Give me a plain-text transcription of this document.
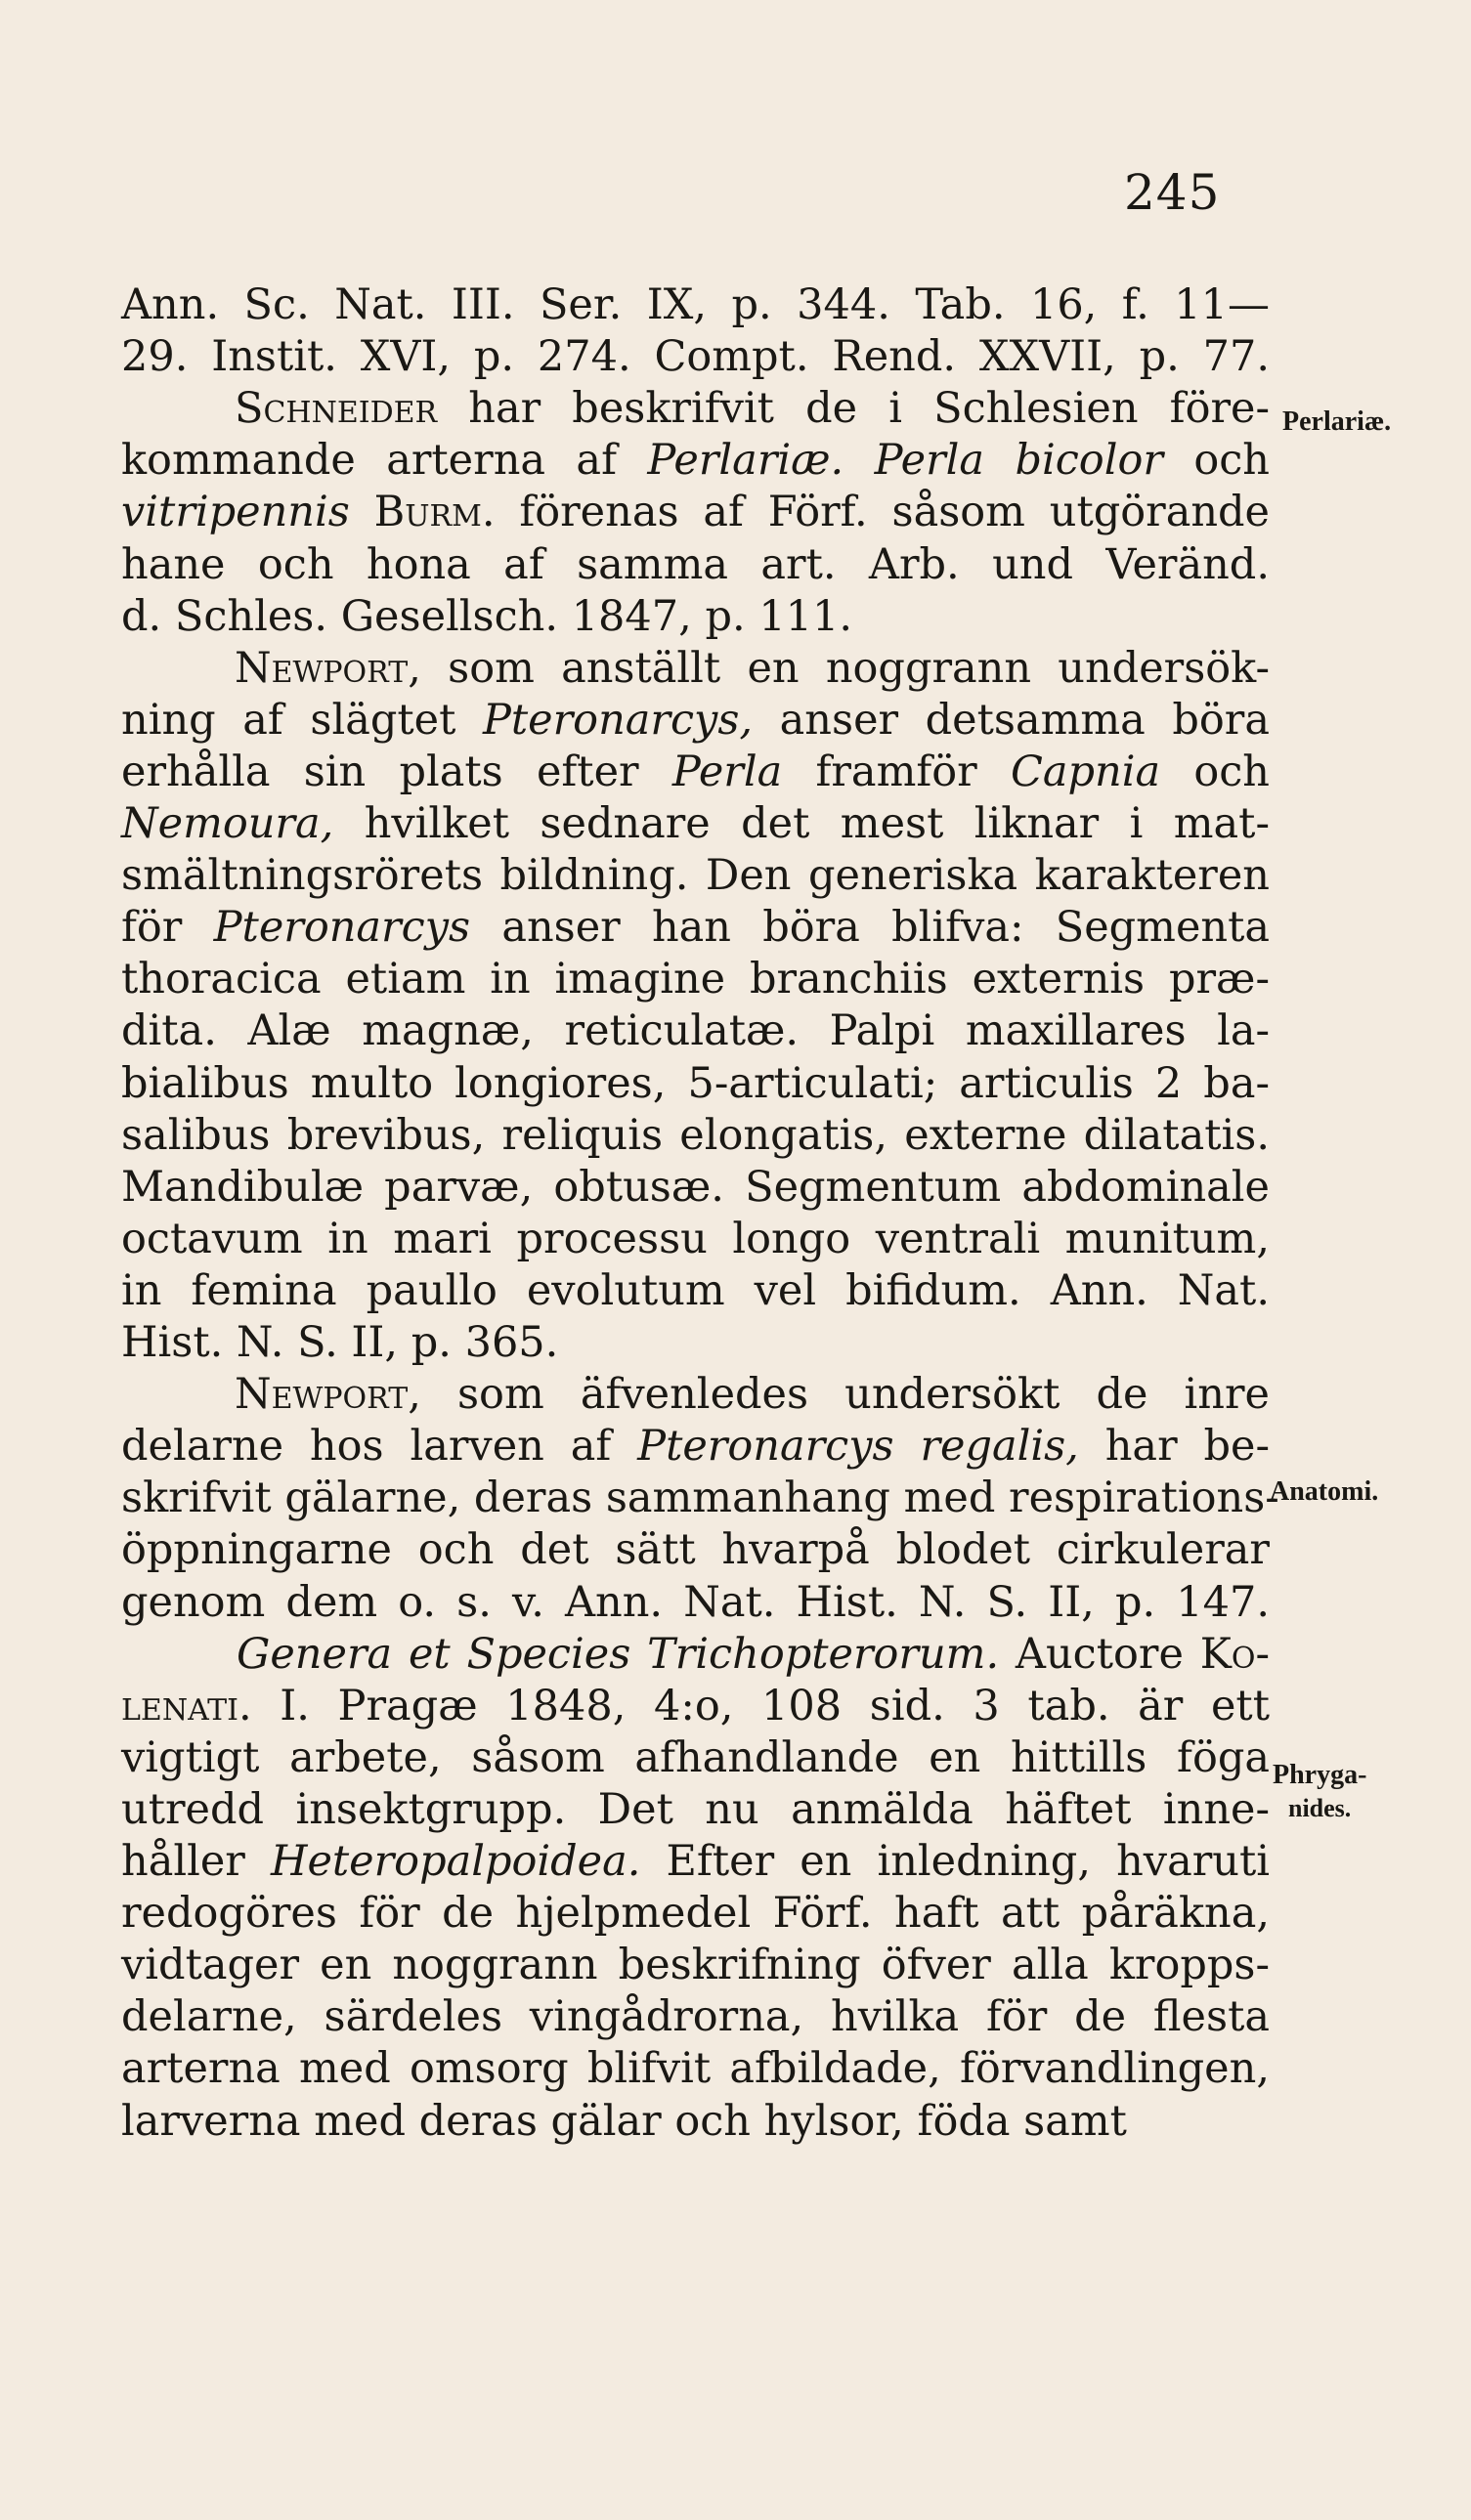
245
Ann. Sc. Nat. III. Ser. IX, p. 344. Tab. 16, f. 11—
29. Instit. XVI, p. 274. Compt. Rend. XXVII, p. 77.
Schneider har beskrifvit de i Schlesien före-
kommande arterna af Perlariæ. Perla bicolor och
vitripennis Burm. förenas af Förf. såsom utgörande
hane och hona af samma art. Arb. und Veränd.
d. Schles. Gesellsch. 1847, p. 111.
Newport, som anställt en noggrann undersök-
ning af slägtet Pteronarcys, anser detsamma böra
erhålla sin plats efter Perla framför Capnia och
Nemoura, hvilket sednare det mest liknar i mat-
smältningsrörets bildning. Den generiska karakteren
för Pteronarcys anser han böra blifva: Segmenta
thoracica etiam in imagine branchiis externis præ-
dita. Alæ magnæ, reticulatæ. Palpi maxillares la-
bialibus multo longiores, 5-articulati; articulis 2 ba-
salibus brevibus, reliquis elongatis, externe dilatatis.
Mandibulæ parvæ, obtusæ. Segmentum abdominale
octavum in mari processu longo ventrali munitum,
in femina paullo evolutum vel bifidum. Ann. Nat.
Hist. N. S. II, p. 365.
Newport, som äfvenledes undersökt de inre
delarne hos larven af Pteronarcys regalis, har be-
skrifvit gälarne, deras sammanhang med respirations-
öppningarne och det sätt hvarpå blodet cirkulerar
genom dem o. s. v. Ann. Nat. Hist. N. S. II, p. 147.
Genera et Species Trichopterorum. Auctore Ko-
lenati. I. Pragæ 1848, 4:o, 108 sid. 3 tab. är ett
vigtigt arbete, såsom afhandlande en hittills föga
utredd insektgrupp. Det nu anmälda häftet inne-
håller Heteropalpoidea. Efter en inledning, hvaruti
redogöres för de hjelpmedel Förf. haft att påräkna,
vidtager en noggrann beskrifning öfver alla kropps-
delarne, särdeles vingådrorna, hvilka för de flesta
arterna med omsorg blifvit afbildade, förvandlingen,
larverna med deras gälar och hylsor, föda samt
Perlariæ.
Anatomi.
Phryga-
nides.
